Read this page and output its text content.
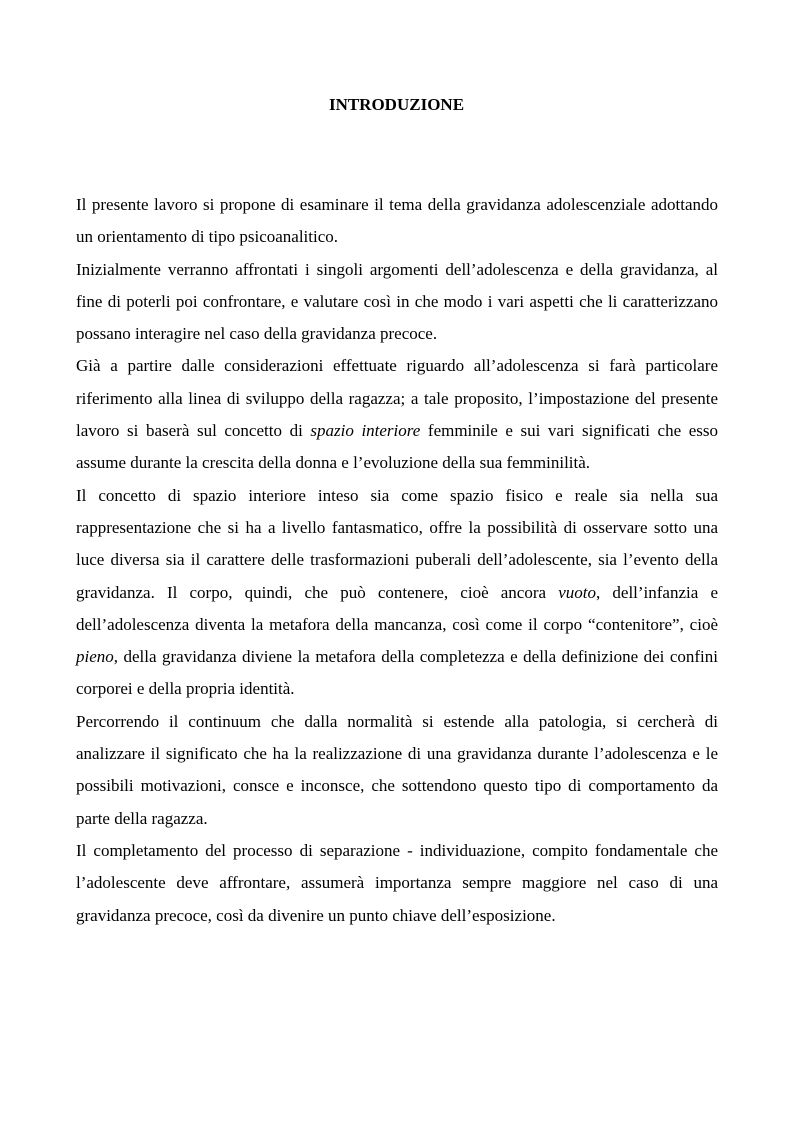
INTRODUZIONE

Il presente lavoro si propone di esaminare il tema della gravidanza adolescenziale adottando un orientamento di tipo psicoanalitico.

Inizialmente verranno affrontati i singoli argomenti dell’adolescenza e della gravidanza, al fine di poterli poi confrontare, e valutare così in che modo i vari aspetti che li caratterizzano possano interagire nel caso della gravidanza precoce.

Già a partire dalle considerazioni effettuate riguardo all’adolescenza si farà particolare riferimento alla linea di sviluppo della ragazza; a tale proposito, l’impostazione del presente lavoro si baserà sul concetto di spazio interiore femminile e sui vari significati che esso assume durante la crescita della donna e l’evoluzione della sua femminilità.

Il concetto di spazio interiore inteso sia come spazio fisico e reale sia nella sua rappresentazione che si ha a livello fantasmatico, offre la possibilità di osservare sotto una luce diversa sia il carattere delle trasformazioni puberali dell’adolescente, sia l’evento della gravidanza. Il corpo, quindi, che può contenere, cioè ancora vuoto, dell’infanzia e dell’adolescenza diventa la metafora della mancanza, così come il corpo “contenitore”, cioè pieno, della gravidanza diviene la metafora della completezza e della definizione dei confini corporei e della propria identità.

Percorrendo il continuum che dalla normalità si estende alla patologia, si cercherà di analizzare il significato che ha la realizzazione di una gravidanza durante l’adolescenza e le possibili motivazioni, consce e inconsce, che sottendono questo tipo di comportamento da parte della ragazza.

Il completamento del processo di separazione - individuazione, compito fondamentale che l’adolescente deve affrontare, assumerà importanza sempre maggiore nel caso di una gravidanza precoce, così da divenire un punto chiave dell’esposizione.
